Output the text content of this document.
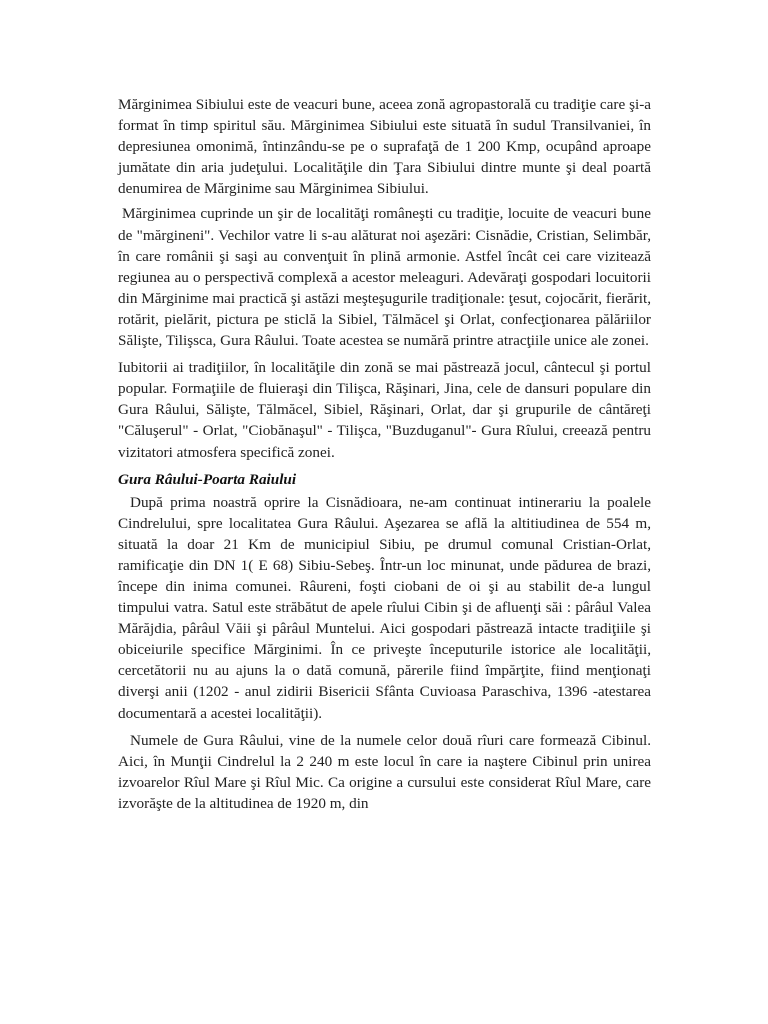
Mărginimea Sibiului este de veacuri bune, aceea zonă agropastorală cu tradiţie care şi-a format în timp spiritul său. Mărginimea Sibiului este situată în sudul Transilvaniei, în depresiunea omonimă, întinzându-se pe o suprafaţă de 1 200 Kmp, ocupând aproape jumătate din aria judeţului. Localităţile din Ţara Sibiului dintre munte şi deal poartă denumirea de Mărginime sau Mărginimea Sibiului.

Mărginimea cuprinde un şir de localităţi româneşti cu tradiţie, locuite de veacuri bune de "mărgineni". Vechilor vatre li s-au alăturat noi aşezări: Cisnădie, Cristian, Selimbăr, în care românii şi saşi au convenţuit în plină armonie. Astfel încât cei care vizitează regiunea au o perspectivă complexă a acestor meleaguri. Adevăraţi gospodari locuitorii din Mărginime mai practică şi astăzi meşteşugurile tradiţionale: ţesut, cojocărit, fierărit, rotărit, pielărit, pictura pe sticlă la Sibiel, Tălmăcel şi Orlat, confecţionarea pălăriilor Sălişte, Tilişsca, Gura Râului. Toate acestea se numără printre atracţiile unice ale zonei.

Iubitorii ai tradiţiilor, în localităţile din zonă se mai păstrează jocul, cântecul şi portul popular. Formaţiile de fluieraşi din Tilişca, Răşinari, Jina, cele de dansuri populare din Gura Râului, Sălişte, Tălmăcel, Sibiel, Răşinari, Orlat, dar şi grupurile de cântăreţi "Căluşerul" - Orlat, "Ciobănaşul" - Tilişca, "Buzduganul"- Gura Rîului, creează pentru vizitatori atmosfera specifică zonei.

Gura Râului-Poarta Raiului

După prima noastră oprire la Cisnădioara, ne-am continuat intinerariu la poalele Cindrelului, spre localitatea Gura Râului. Aşezarea se află la altitiudinea de 554 m, situată la doar 21 Km de municipiul Sibiu, pe drumul comunal Cristian-Orlat, ramificaţie din DN 1( E 68) Sibiu-Sebeş. Într-un loc minunat, unde pădurea de brazi, începe din inima comunei. Râureni, foşti ciobani de oi şi au stabilit de-a lungul timpului vatra. Satul este străbătut de apele rîului Cibin şi de afluenţi săi : pârâul Valea Mărăjdia, pârâul Văii şi pârâul Muntelui. Aici gospodari păstrează intacte tradiţiile şi obiceiurile specifice Mărginimi. În ce priveşte începuturile istorice ale localităţii, cercetătorii nu au ajuns la o dată comună, părerile fiind împărţite, fiind menţionaţi diverşi anii (1202 - anul zidirii Bisericii Sfânta Cuvioasa Paraschiva, 1396 -atestarea documentară a acestei localităţii).

Numele de Gura Râului, vine de la numele celor două rîuri care formează Cibinul. Aici, în Munţii Cindrelul la 2 240 m este locul în care ia naştere Cibinul prin unirea izvoarelor Rîul Mare şi Rîul Mic. Ca origine a cursului este considerat Rîul Mare, care izvorăşte de la altitudinea de 1920 m, din
